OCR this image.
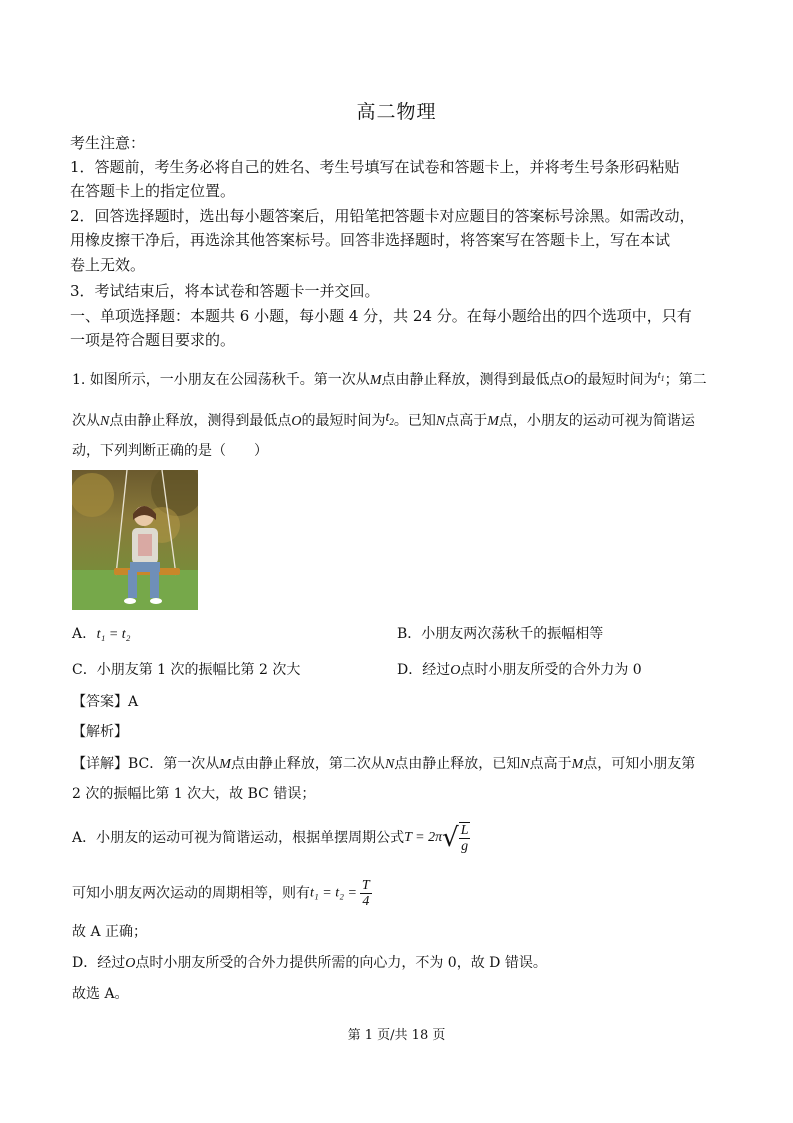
高二物理
考生注意：
1．答题前，考生务必将自己的姓名、考生号填写在试卷和答题卡上，并将考生号条形码粘贴
在答题卡上的指定位置。
2．回答选择题时，选出每小题答案后，用铅笔把答题卡对应题目的答案标号涂黑。如需改动，
用橡皮擦干净后，再选涂其他答案标号。回答非选择题时，将答案写在答题卡上，写在本试
卷上无效。
3．考试结束后，将本试卷和答题卡一并交回。
一、单项选择题：本题共 6 小题，每小题 4 分，共 24 分。在每小题给出的四个选项中，只有
一项是符合题目要求的。
1. 如图所示，一小朋友在公园荡秋千。第一次从M点由静止释放，测得到最低点O的最短时间为$^{t_1}$；第二
次从N点由静止释放，测得到最低点O的最短时间为$t_2$。已知N点高于M点，小朋友的运动可视为简谐运
动，下列判断正确的是（　　）
A. t₁ = t₂	B．小朋友两次荡秋千的振幅相等
C．小朋友第 1 次的振幅比第 2 次大	D．经过O点时小朋友所受的合外力为 0
【答案】A
【解析】
【详解】BC．第一次从M点由静止释放，第二次从N点由静止释放，已知N点高于M点，可知小朋友第
2 次的振幅比第 1 次大，故 BC 错误；
A．小朋友的运动可视为简谐运动，根据单摆周期公式$T = 2\pi√ \frac{L}{g}$
可知小朋友两次运动的周期相等，则有$t_1 = t_2 = \frac{T}{4}$
故 A 正确；
D．经过O点时小朋友所受的合外力提供所需的向心力，不为 0，故 D 错误。
故选 A。
第 1 页/共 18 页
